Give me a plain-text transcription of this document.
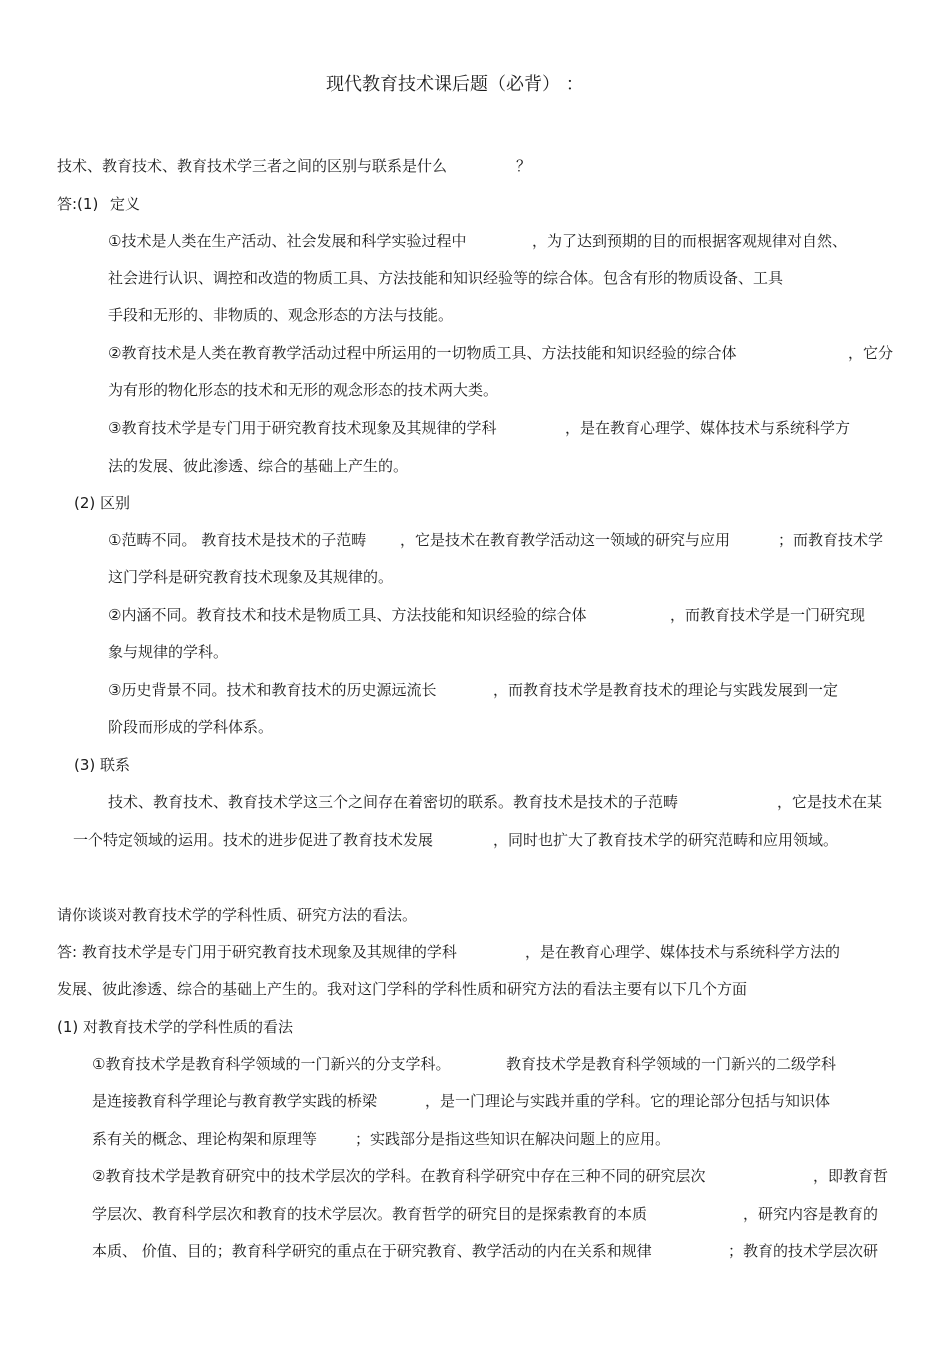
现代教育技术课后题（必背） ：
技术、教育技术、教育技术学三者之间的区别与联系是什么	？
答:(1) 定义
①技术是人类在生产活动、社会发展和科学实验过程中	，为了达到预期的目的而根据客观规律对自然、
社会进行认识、调控和改造的物质工具、方法技能和知识经验等的综合体。包含有形的物质设备、工具
手段和无形的、非物质的、观念形态的方法与技能。
②教育技术是人类在教育教学活动过程中所运用的一切物质工具、方法技能和知识经验的综合体	，它分
为有形的物化形态的技术和无形的观念形态的技术两大类。
③教育技术学是专门用于研究教育技术现象及其规律的学科	，是在教育心理学、媒体技术与系统科学方
法的发展、彼此渗透、综合的基础上产生的。
(2) 区别
①范畴不同。 教育技术是技术的子范畴 ，它是技术在教育教学活动这一领域的研究与应用	；而教育技术学
这门学科是研究教育技术现象及其规律的。
②内涵不同。教育技术和技术是物质工具、方法技能和知识经验的综合体	，而教育技术学是一门研究现
象与规律的学科。
③历史背景不同。技术和教育技术的历史源远流长	，而教育技术学是教育技术的理论与实践发展到一定
阶段而形成的学科体系。
(3) 联系
技术、教育技术、教育技术学这三个之间存在着密切的联系。教育技术是技术的子范畴	，它是技术在某
一个特定领域的运用。技术的进步促进了教育技术发展	，同时也扩大了教育技术学的研究范畴和应用领域。
请你谈谈对教育技术学的学科性质、研究方法的看法。
答: 教育技术学是专门用于研究教育技术现象及其规律的学科	，是在教育心理学、媒体技术与系统科学方法的
发展、彼此渗透、综合的基础上产生的。我对这门学科的学科性质和研究方法的看法主要有以下几个方面
(1) 对教育技术学的学科性质的看法
①教育技术学是教育科学领域的一门新兴的分支学科。	教育技术学是教育科学领域的一门新兴的二级学科
是连接教育科学理论与教育教学实践的桥梁	，是一门理论与实践并重的学科。它的理论部分包括与知识体
系有关的概念、理论构架和原理等	；实践部分是指这些知识在解决问题上的应用。
②教育技术学是教育研究中的技术学层次的学科。在教育科学研究中存在三种不同的研究层次	，即教育哲
学层次、教育科学层次和教育的技术学层次。教育哲学的研究目的是探索教育的本质	，研究内容是教育的
本质、 价值、目的；教育科学研究的重点在于研究教育、教学活动的内在关系和规律	；教育的技术学层次研
